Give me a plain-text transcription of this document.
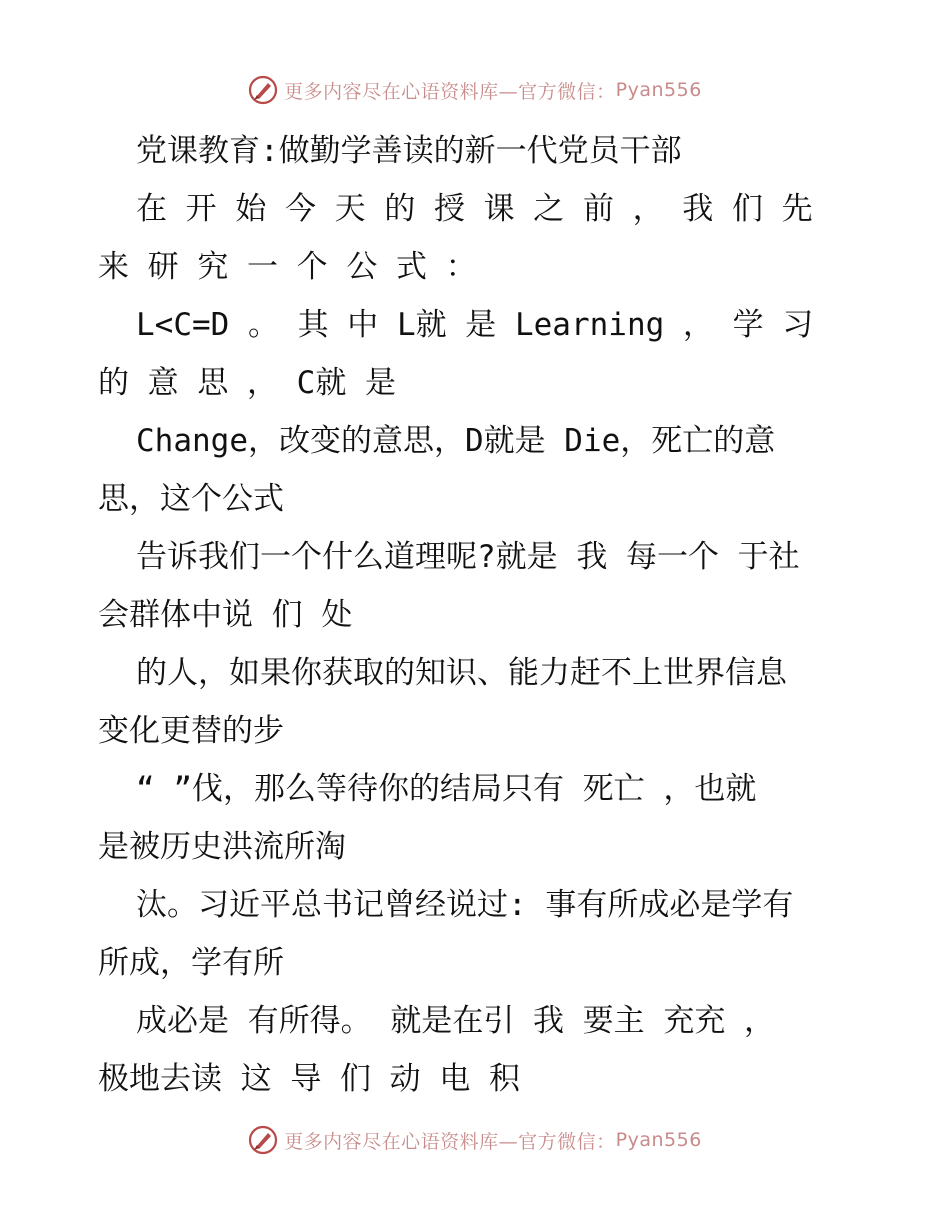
更多内容尽在心语资料库—官方微信： Pyan556
党课教育:做勤学善读的新一代党员干部
在 开 始 今 天 的 授 课 之 前 ， 我 们 先
来 研 究 一 个 公 式 ：
L<C=D 。 其 中 L就 是 Learning ， 学 习
的 意 思 ， C就 是
Change，改变的意思，D就是 Die，死亡的意
思，这个公式
告诉我们一个什么道理呢?就是 我 每一个 于社
会群体中说 们 处
的人，如果你获取的知识、能力赶不上世界信息
变化更替的步
“ ”伐，那么等待你的结局只有 死亡 ，也就
是被历史洪流所淘
汰。习近平总书记曾经说过: 事有所成必是学有
所成，学有所
成必是 有所得。 就是在引 我 要主 充充 ，
极地去读 这 导 们 动 电 积
更多内容尽在心语资料库—官方微信： Pyan556
